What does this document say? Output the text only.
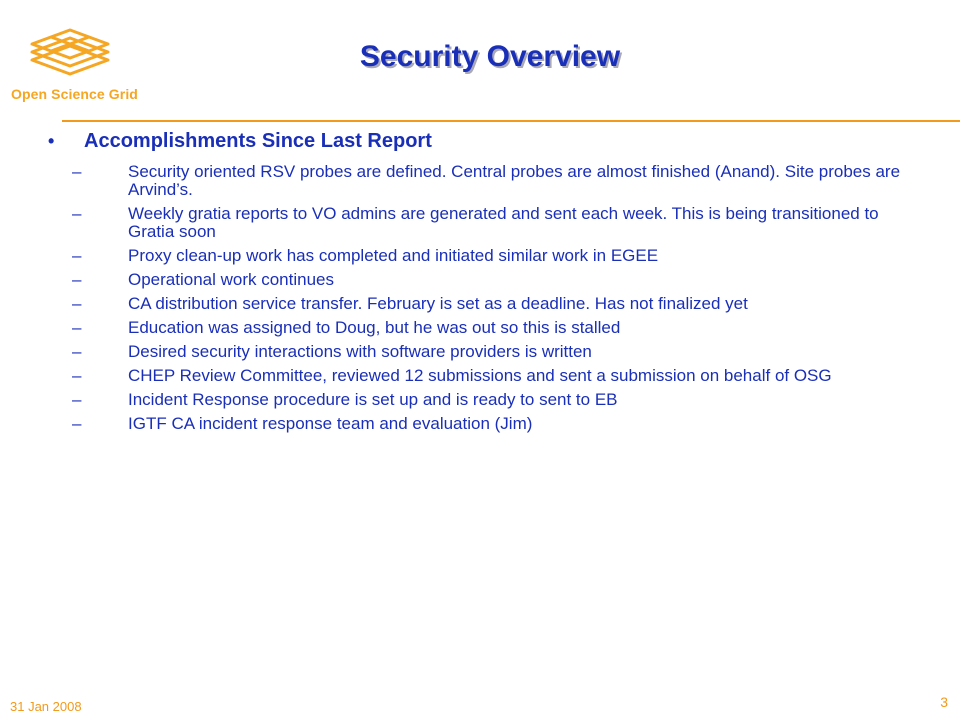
Open Science Grid
Security Overview
•	Accomplishments Since Last Report
–	Security oriented RSV probes are defined. Central probes are almost finished (Anand). Site probes are Arvind’s.
–	Weekly gratia reports to VO admins are generated and sent each week. This is being transitioned to Gratia soon
–	Proxy clean-up work has completed and initiated similar work in EGEE
–	Operational work continues
–	CA distribution service transfer. February is set as a deadline. Has not finalized yet
–	Education was assigned to Doug, but he was out so this is stalled
–	Desired security interactions with software providers is written
–	CHEP Review Committee, reviewed 12 submissions and sent a submission on behalf of OSG
–	Incident Response procedure is set up and is ready to sent to EB
–	IGTF CA incident response team and evaluation (Jim)
31 Jan 2008	3
